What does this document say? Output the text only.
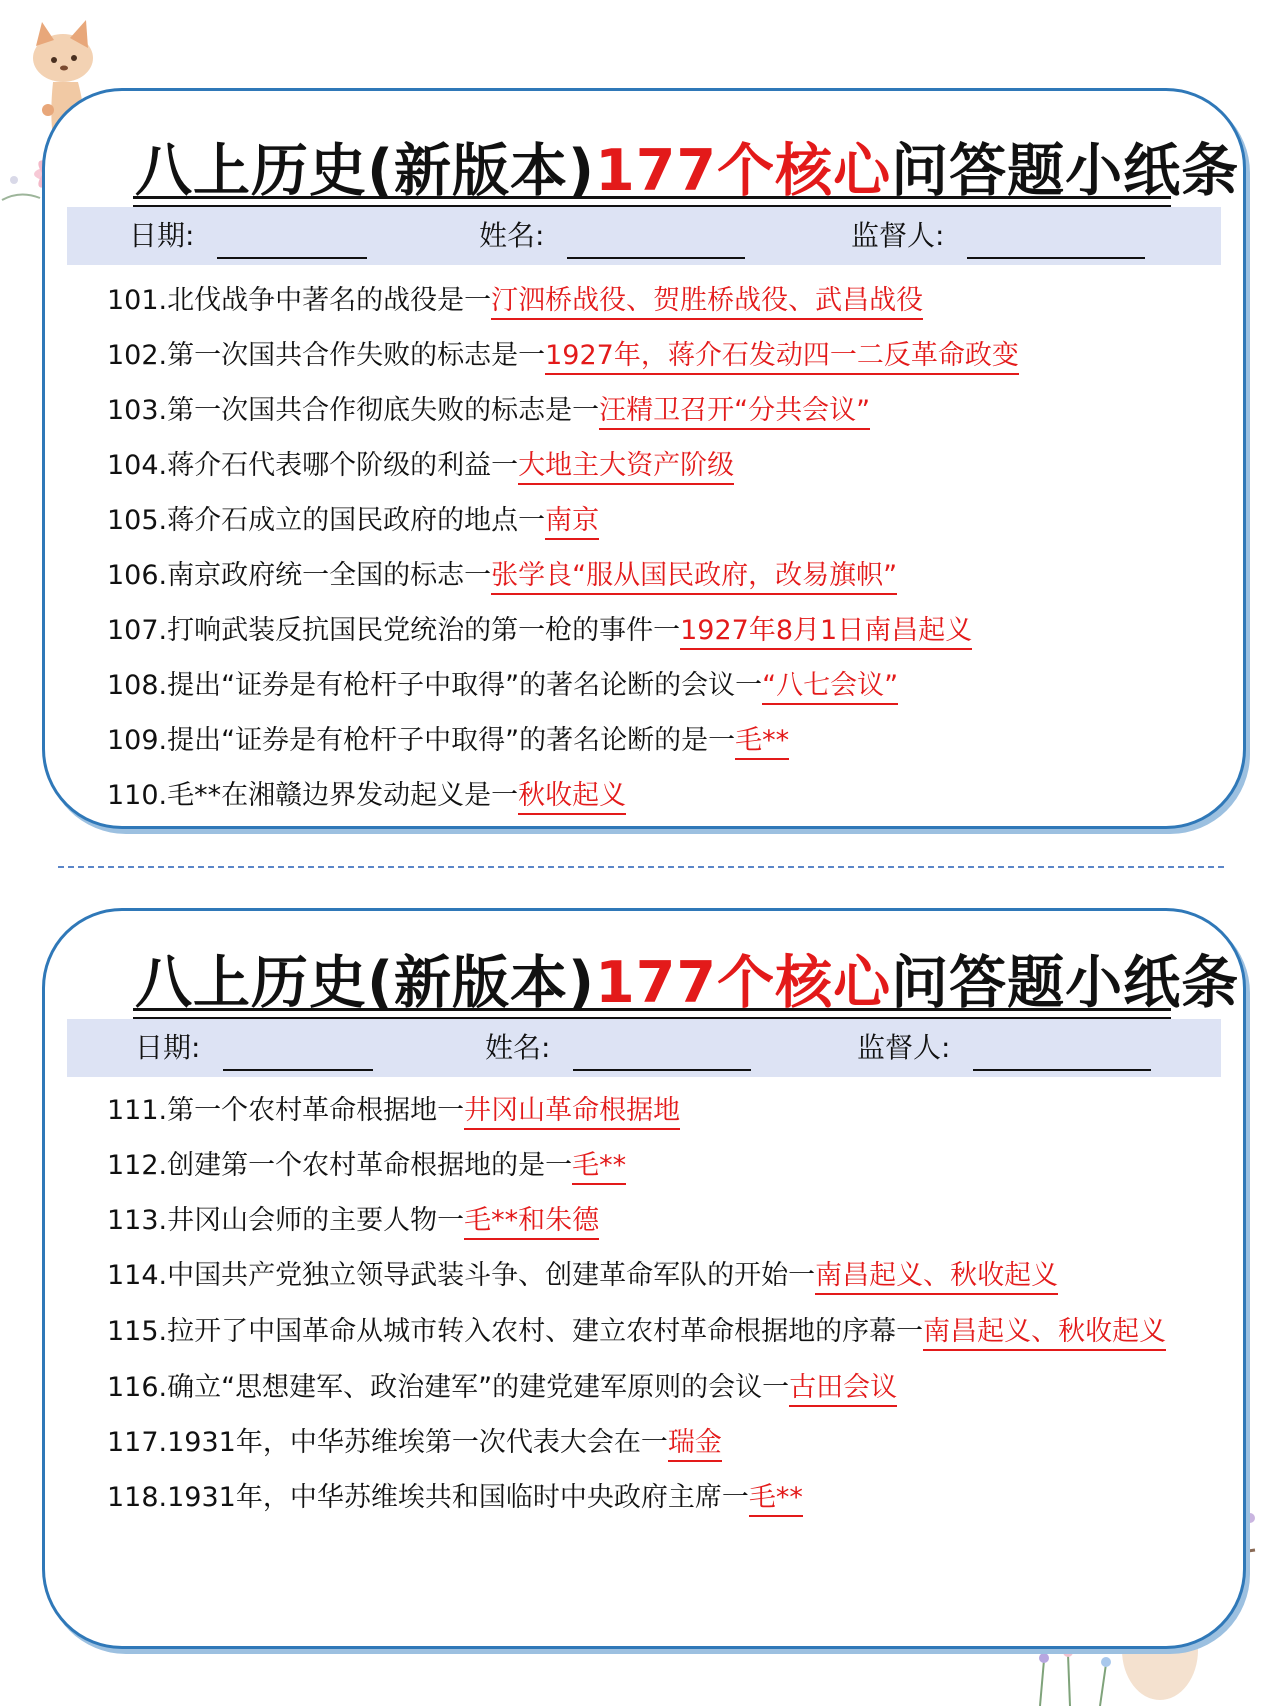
八上历史(新版本)177个核心问答题小纸条
日期:	姓名:	监督人:
101.北伐战争中著名的战役是一汀泗桥战役、贺胜桥战役、武昌战役
102.第一次国共合作失败的标志是一1927年，蒋介石发动四一二反革命政变
103.第一次国共合作彻底失败的标志是一汪精卫召开“分共会议”
104.蒋介石代表哪个阶级的利益一大地主大资产阶级
105.蒋介石成立的国民政府的地点一南京
106.南京政府统一全国的标志一张学良“服从国民政府，改易旗帜”
107.打响武装反抗国民党统治的第一枪的事件一1927年8月1日南昌起义
108.提出“证券是有枪杆子中取得”的著名论断的会议一“八七会议”
109.提出“证券是有枪杆子中取得”的著名论断的是一毛**
110.毛**在湘赣边界发动起义是一秋收起义
八上历史(新版本)177个核心问答题小纸条
日期:	姓名:	监督人:
111.第一个农村革命根据地一井冈山革命根据地
112.创建第一个农村革命根据地的是一毛**
113.井冈山会师的主要人物一毛**和朱德
114.中国共产党独立领导武装斗争、创建革命军队的开始一南昌起义、秋收起义
115.拉开了中国革命从城市转入农村、建立农村革命根据地的序幕一南昌起义、秋收起义
116.确立“思想建军、政治建军”的建党建军原则的会议一古田会议
117.1931年，中华苏维埃第一次代表大会在一瑞金
118.1931年，中华苏维埃共和国临时中央政府主席一毛**
